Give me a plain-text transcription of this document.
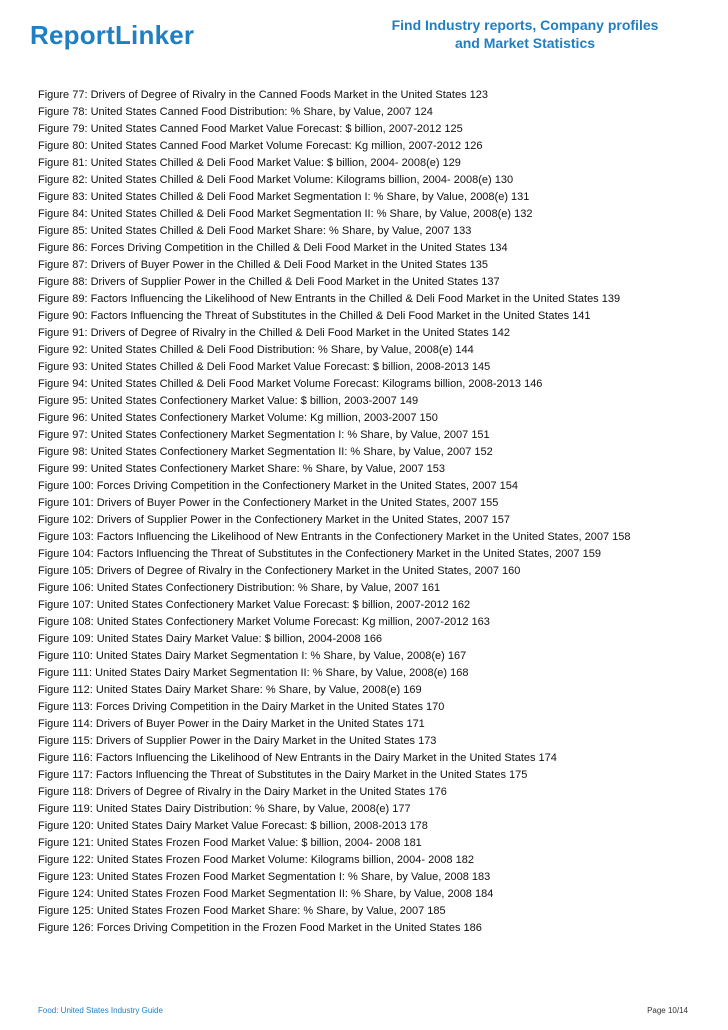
ReportLinker	Find Industry reports, Company profiles
and Market Statistics
Figure 77: Drivers of Degree of Rivalry in the Canned Foods Market in the United States 123
Figure 78: United States Canned Food Distribution: % Share, by Value, 2007 124
Figure 79: United States Canned Food Market Value Forecast: $ billion, 2007-2012 125
Figure 80: United States Canned Food Market Volume Forecast: Kg million, 2007-2012 126
Figure 81: United States Chilled & Deli Food Market Value: $ billion, 2004- 2008(e) 129
Figure 82: United States Chilled & Deli Food Market Volume: Kilograms billion, 2004- 2008(e) 130
Figure 83: United States Chilled & Deli Food Market Segmentation I: % Share, by Value, 2008(e) 131
Figure 84: United States Chilled & Deli Food Market Segmentation II: % Share, by Value, 2008(e) 132
Figure 85: United States Chilled & Deli Food Market Share: % Share, by Value, 2007 133
Figure 86: Forces Driving Competition in the Chilled & Deli Food Market in the United States 134
Figure 87: Drivers of Buyer Power in the Chilled & Deli Food Market in the United States 135
Figure 88: Drivers of Supplier Power in the Chilled & Deli Food Market in the United States 137
Figure 89: Factors Influencing the Likelihood of New Entrants in the Chilled & Deli Food Market in the United States 139
Figure 90: Factors Influencing the Threat of Substitutes in the Chilled & Deli Food Market in the United States 141
Figure 91: Drivers of Degree of Rivalry in the Chilled & Deli Food Market in the United States 142
Figure 92: United States Chilled & Deli Food Distribution: % Share, by Value, 2008(e) 144
Figure 93: United States Chilled & Deli Food Market Value Forecast: $ billion, 2008-2013 145
Figure 94: United States Chilled & Deli Food Market Volume Forecast: Kilograms billion, 2008-2013 146
Figure 95: United States Confectionery Market Value: $ billion, 2003-2007 149
Figure 96: United States Confectionery Market Volume: Kg million, 2003-2007 150
Figure 97: United States Confectionery Market Segmentation I: % Share, by Value, 2007 151
Figure 98: United States Confectionery Market Segmentation II: % Share, by Value, 2007 152
Figure 99: United States Confectionery Market Share: % Share, by Value, 2007 153
Figure 100: Forces Driving Competition in the Confectionery Market in the United States, 2007 154
Figure 101: Drivers of Buyer Power in the Confectionery Market in the United States, 2007 155
Figure 102: Drivers of Supplier Power in the Confectionery Market in the United States, 2007 157
Figure 103: Factors Influencing the Likelihood of New Entrants in the Confectionery Market in the United States, 2007 158
Figure 104: Factors Influencing the Threat of Substitutes in the Confectionery Market in the United States, 2007 159
Figure 105: Drivers of Degree of Rivalry in the Confectionery Market in the United States, 2007 160
Figure 106: United States Confectionery Distribution: % Share, by Value, 2007 161
Figure 107: United States Confectionery Market Value Forecast: $ billion, 2007-2012 162
Figure 108: United States Confectionery Market Volume Forecast: Kg million, 2007-2012 163
Figure 109: United States Dairy Market Value: $ billion, 2004-2008 166
Figure 110: United States Dairy Market Segmentation I: % Share, by Value, 2008(e) 167
Figure 111: United States Dairy Market Segmentation II: % Share, by Value, 2008(e) 168
Figure 112: United States Dairy Market Share: % Share, by Value, 2008(e) 169
Figure 113: Forces Driving Competition in the Dairy Market in the United States 170
Figure 114: Drivers of Buyer Power in the Dairy Market in the United States 171
Figure 115: Drivers of Supplier Power in the Dairy Market in the United States 173
Figure 116: Factors Influencing the Likelihood of New Entrants in the Dairy Market in the United States 174
Figure 117: Factors Influencing the Threat of Substitutes in the Dairy Market in the United States 175
Figure 118: Drivers of Degree of Rivalry in the Dairy Market in the United States 176
Figure 119: United States Dairy Distribution: % Share, by Value, 2008(e) 177
Figure 120: United States Dairy Market Value Forecast: $ billion, 2008-2013 178
Figure 121: United States Frozen Food Market Value: $ billion, 2004- 2008 181
Figure 122: United States Frozen Food Market Volume: Kilograms billion, 2004- 2008 182
Figure 123: United States Frozen Food Market Segmentation I: % Share, by Value, 2008 183
Figure 124: United States Frozen Food Market Segmentation II: % Share, by Value, 2008 184
Figure 125: United States Frozen Food Market Share: % Share, by Value, 2007 185
Figure 126: Forces Driving Competition in the Frozen Food Market in the United States 186
Food: United States Industry Guide	Page 10/14
